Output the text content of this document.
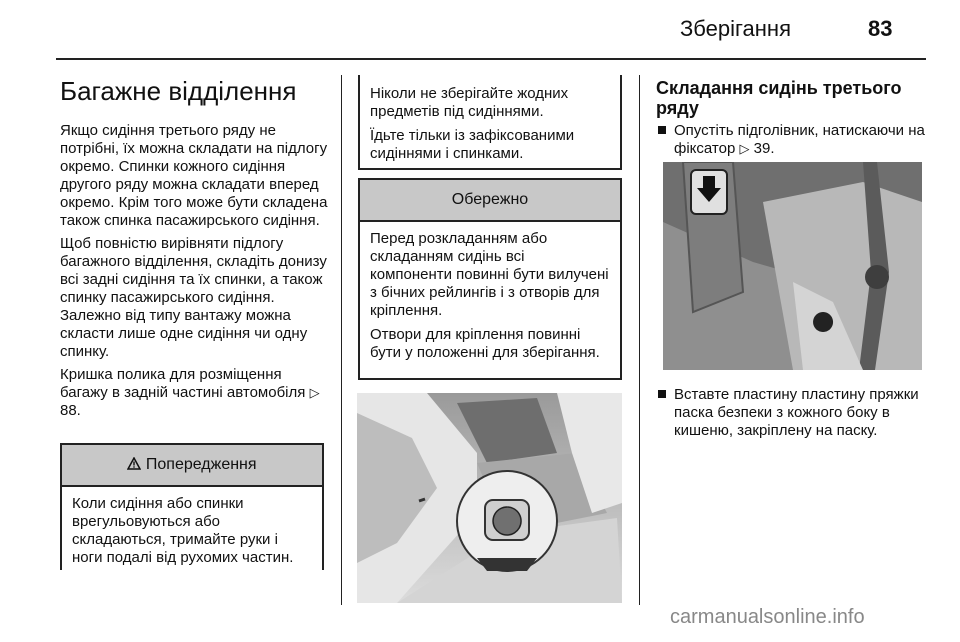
Зберігання	83
Багажне відділення

Якщо сидіння третього ряду не потрібні, їх можна складати на підлогу окремо. Спинки кожного сидіння другого ряду можна складати вперед окремо. Крім того може бути складена також спинка пасажирського сидіння.

Щоб повністю вирівняти підлогу багажного відділення, складіть донизу всі задні сидіння та їх спинки, а також спинку пасажирського сидіння. Залежно від типу вантажу можна скласти лише одне сидіння чи одну спинку.

Кришка полика для розміщення багажу в задній частині автомобіля ▷ 88.

Попередження
Коли сидіння або спинки врегульовуються або складаються, тримайте руки і ноги подалі від рухомих частин.

Ніколи не зберігайте жодних предметів під сидіннями.

Їдьте тільки із зафіксованими сидіннями і спинками.

Обережно

Перед розкладанням або складанням сидінь всі компоненти повинні бути вилучені з бічних рейлингів і з отворів для кріплення.

Отвори для кріплення повинні бути у положенні для зберігання.

Складання сидінь третього ряду
Опустіть підголівник, натискаючи на фіксатор ▷ 39.
Вставте пластину пластину пряжки паска безпеки з кожного боку в кишеню, закріплену на паску.
carmanualsonline.info
